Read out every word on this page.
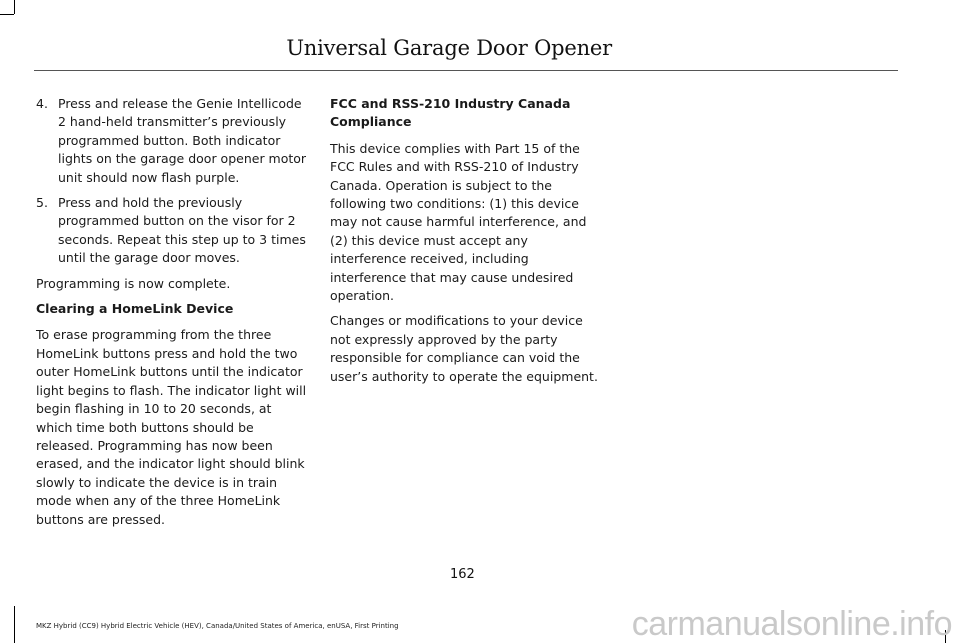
Universal Garage Door Opener
4. Press and release the Genie Intellicode 2 hand-held transmitter’s previously programmed button. Both indicator lights on the garage door opener motor unit should now flash purple.
5. Press and hold the previously programmed button on the visor for 2 seconds. Repeat this step up to 3 times until the garage door moves.

Programming is now complete.

Clearing a HomeLink Device

To erase programming from the three HomeLink buttons press and hold the two outer HomeLink buttons until the indicator light begins to flash. The indicator light will begin flashing in 10 to 20 seconds, at which time both buttons should be released. Programming has now been erased, and the indicator light should blink slowly to indicate the device is in train mode when any of the three HomeLink buttons are pressed.

FCC and RSS-210 Industry Canada Compliance

This device complies with Part 15 of the FCC Rules and with RSS-210 of Industry Canada. Operation is subject to the following two conditions: (1) this device may not cause harmful interference, and (2) this device must accept any interference received, including interference that may cause undesired operation.

Changes or modifications to your device not expressly approved by the party responsible for compliance can void the user’s authority to operate the equipment.

162
MKZ Hybrid (CC9) Hybrid Electric Vehicle (HEV), Canada/United States of America, enUSA, First Printing	carmanualsonline.info
